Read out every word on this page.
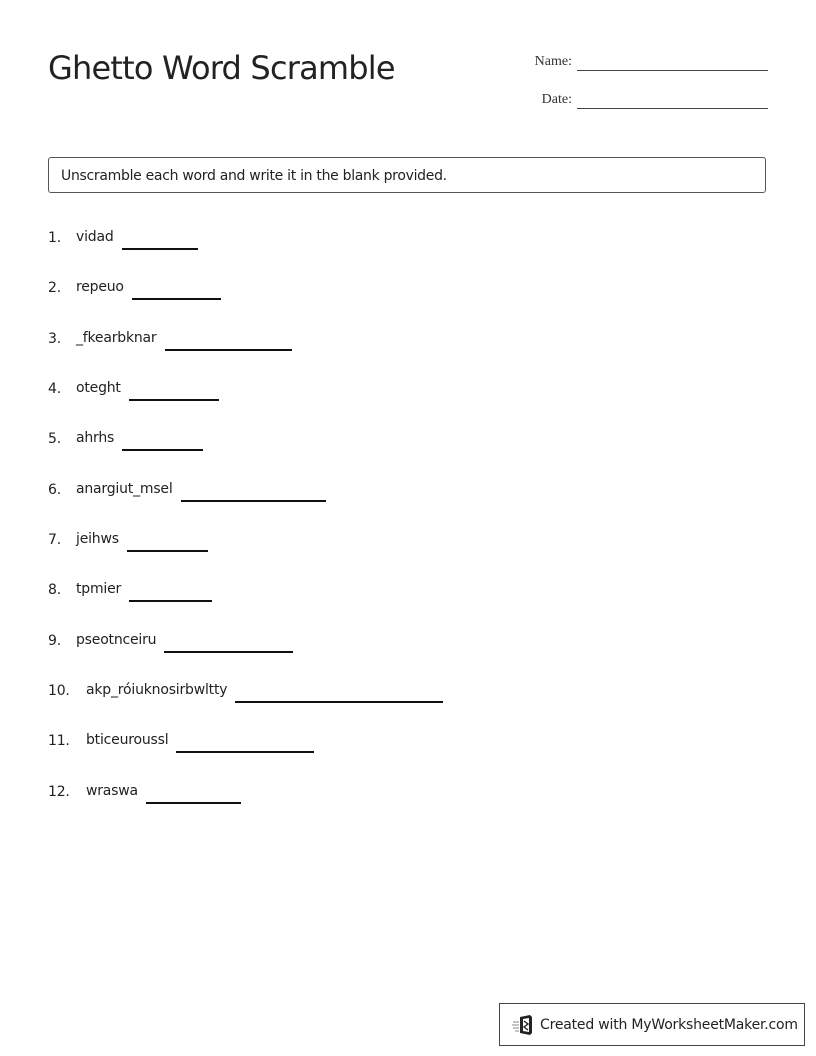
Ghetto Word Scramble	Name:
Date:
Unscramble each word and write it in the blank provided.
1.	vidad
2.	repeuo
3.	_fkearbknar
4.	oteght
5.	ahrhs
6.	anargiut_msel
7.	jeihws
8.	tpmier
9.	pseotnceiru
10.	akp_róiuknosirbwltty
11.	bticeuroussl
12.	wraswa
Created with MyWorksheetMaker.com
